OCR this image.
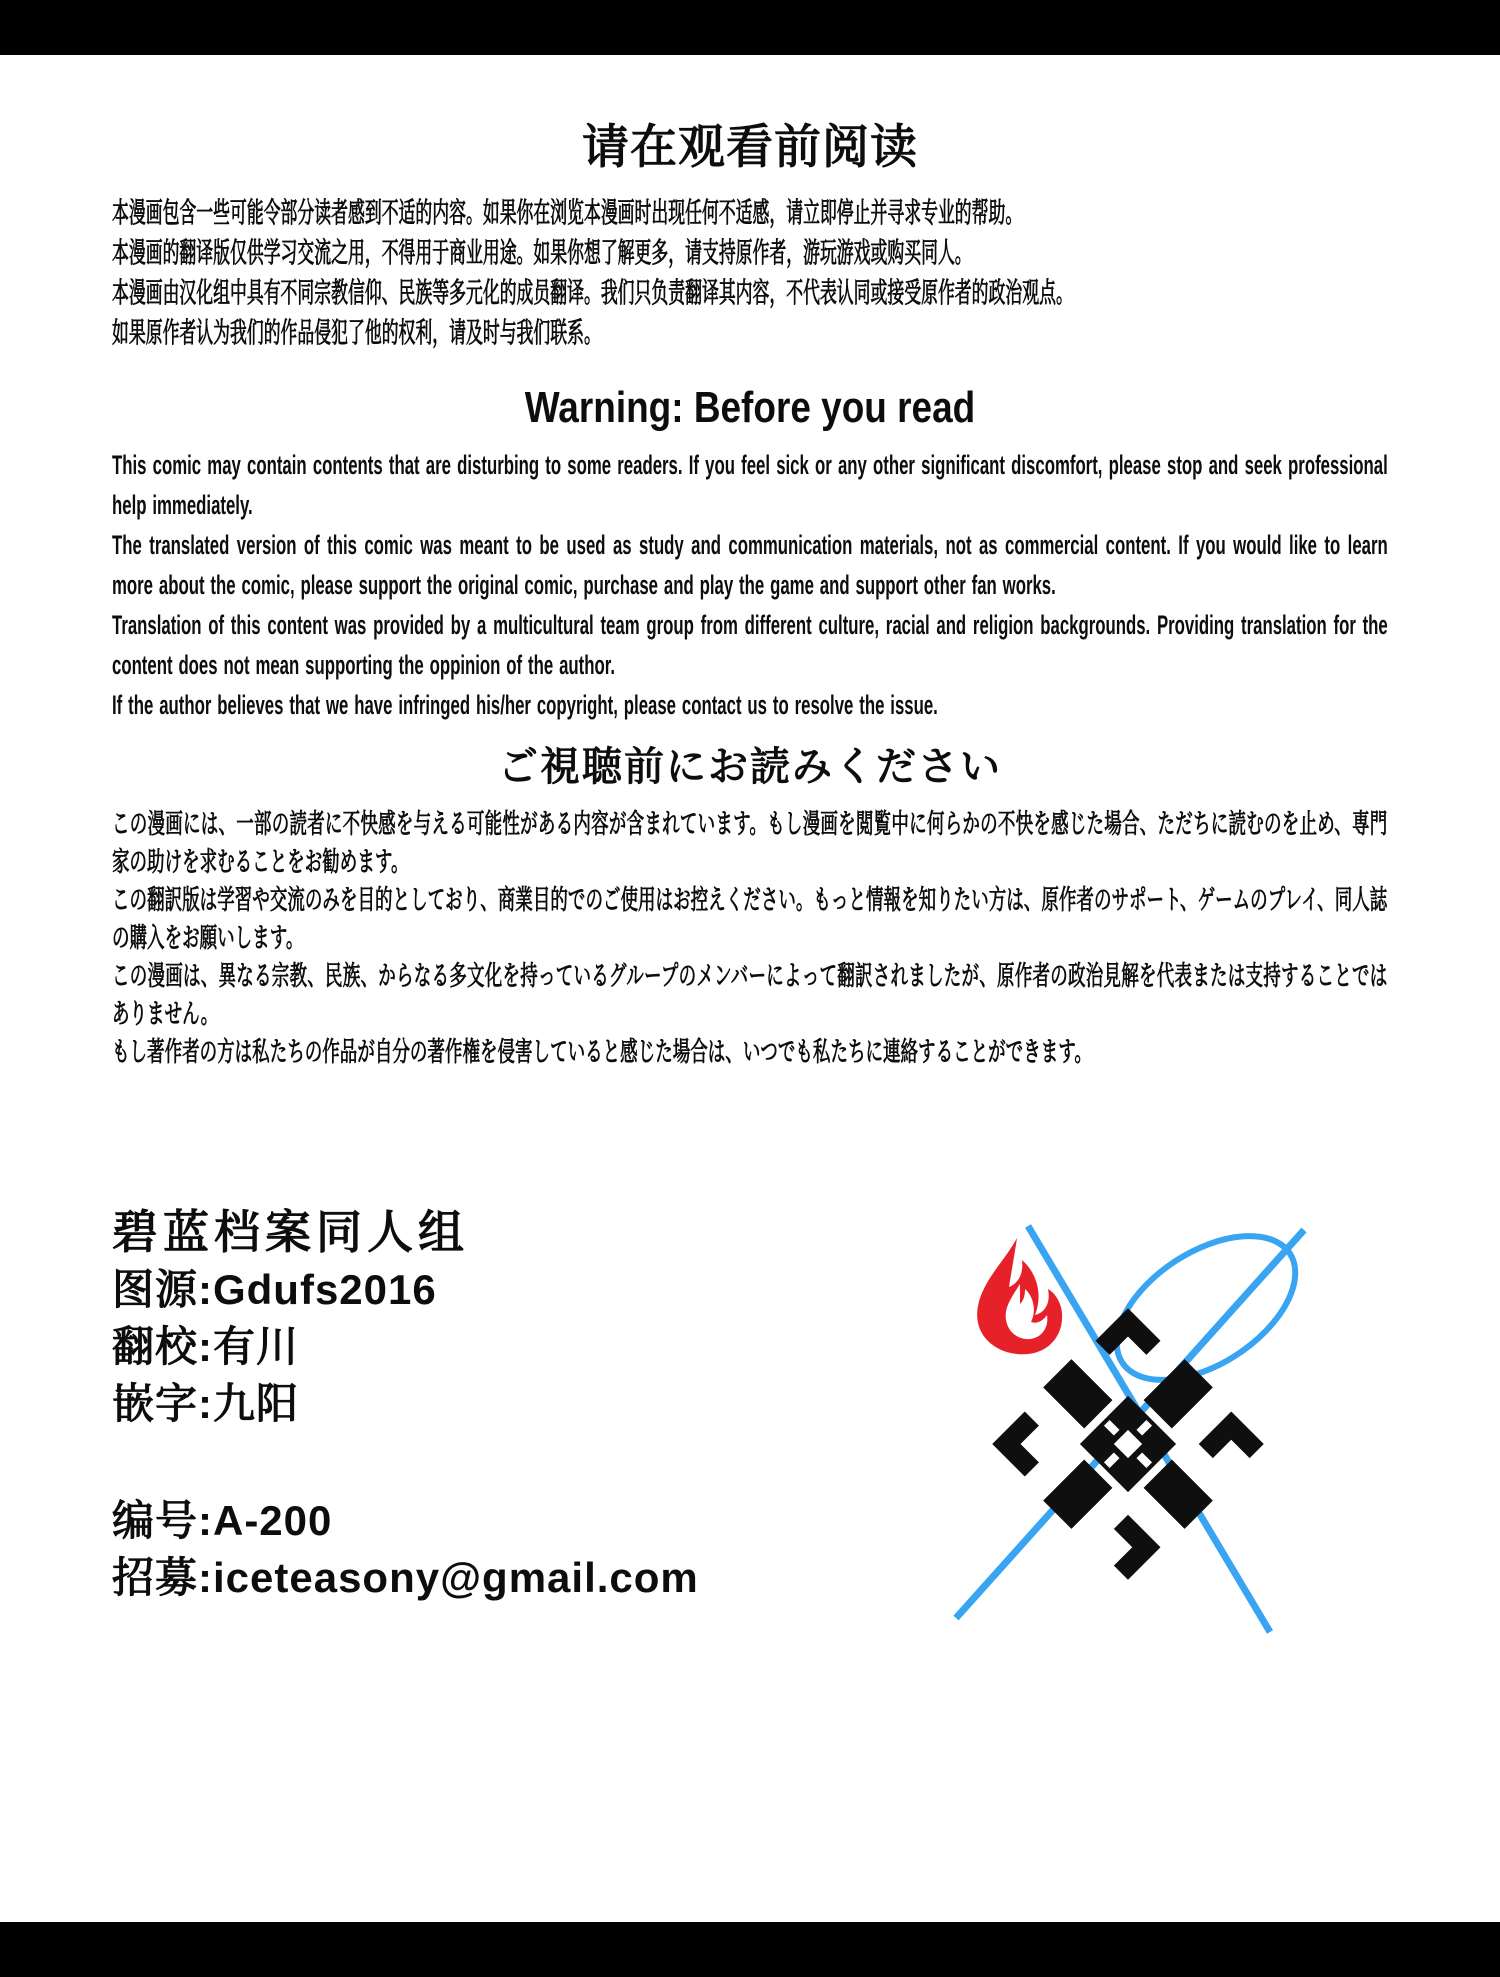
请在观看前阅读

本漫画包含一些可能令部分读者感到不适的内容。如果你在浏览本漫画时出现任何不适感，请立即停止并寻求专业的帮助。

本漫画的翻译版仅供学习交流之用，不得用于商业用途。如果你想了解更多，请支持原作者，游玩游戏或购买同人。

本漫画由汉化组中具有不同宗教信仰、民族等多元化的成员翻译。我们只负责翻译其内容，不代表认同或接受原作者的政治观点。

如果原作者认为我们的作品侵犯了他的权利，请及时与我们联系。

Warning: Before you read

This comic may contain contents that are disturbing to some readers. If you feel sick or any other significant discomfort, please stop and seek professional help immediately.

The translated version of this comic was meant to be used as study and communication materials, not as commercial content. If you would like to learn more about the comic, please support the original comic, purchase and play the game and support other fan works.

Translation of this content was provided by a multicultural team group from different culture, racial and religion backgrounds. Providing translation for the content does not mean supporting the oppinion of the author.

If the author believes that we have infringed his/her copyright, please contact us to resolve the issue.

ご視聴前にお読みください

この漫画には、一部の読者に不快感を与える可能性がある内容が含まれています。もし漫画を閲覧中に何らかの不快を感じた場合、ただちに読むのを止め、専門家の助けを求むることをお勧めます。

この翻訳版は学習や交流のみを目的としており、商業目的でのご使用はお控えください。もっと情報を知りたい方は、原作者のサポート、ゲームのプレイ、同人誌の購入をお願いします。

この漫画は、異なる宗教、民族、からなる多文化を持っているグループのメンバーによって翻訳されましたが、原作者の政治見解を代表または支持することではありません。

もし著作者の方は私たちの作品が自分の著作権を侵害していると感じた場合は、いつでも私たちに連絡することができます。

碧蓝档案同人组

图源:Gdufs2016

翻校:有川

嵌字:九阳

编号:A-200

招募:iceteasony@gmail.com
